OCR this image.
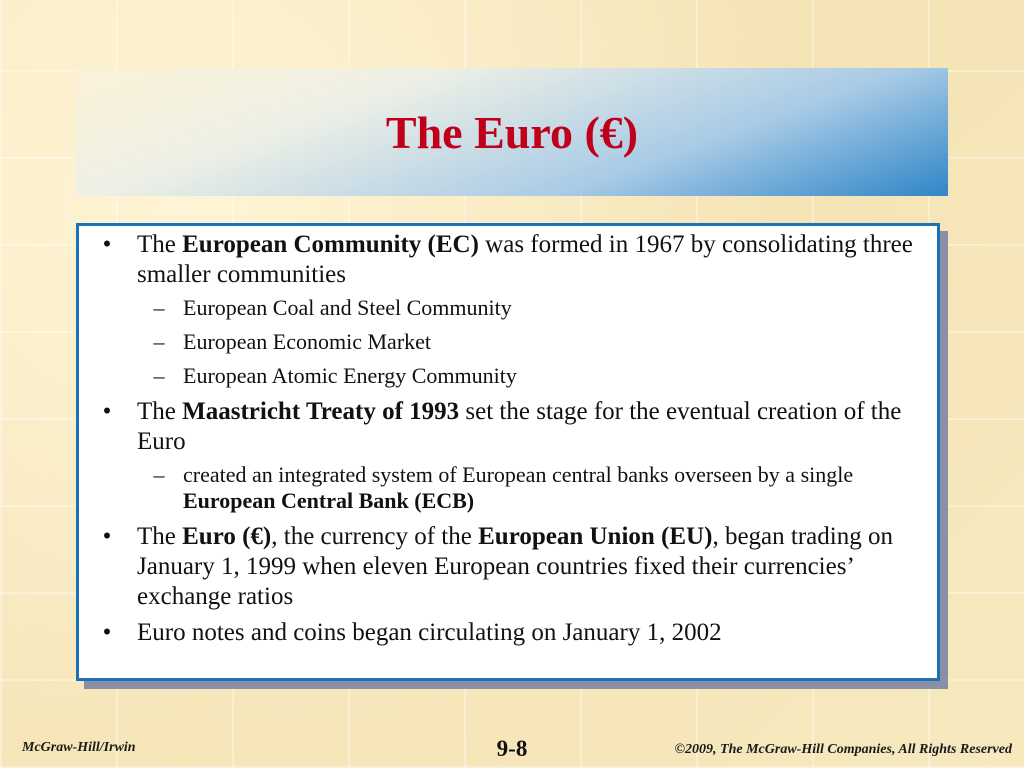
The Euro (€)
• The European Community (EC) was formed in 1967 by consolidating three smaller communities
– European Coal and Steel Community
– European Economic Market
– European Atomic Energy Community
• The Maastricht Treaty of 1993 set the stage for the eventual creation of the Euro
– created an integrated system of European central banks overseen by a single European Central Bank (ECB)
• The Euro (€), the currency of the European Union (EU), began trading on January 1, 1999 when eleven European countries fixed their currencies’ exchange ratios
• Euro notes and coins began circulating on January 1, 2002
McGraw-Hill/Irwin	9-8	©2009, The McGraw-Hill Companies, All Rights Reserved
